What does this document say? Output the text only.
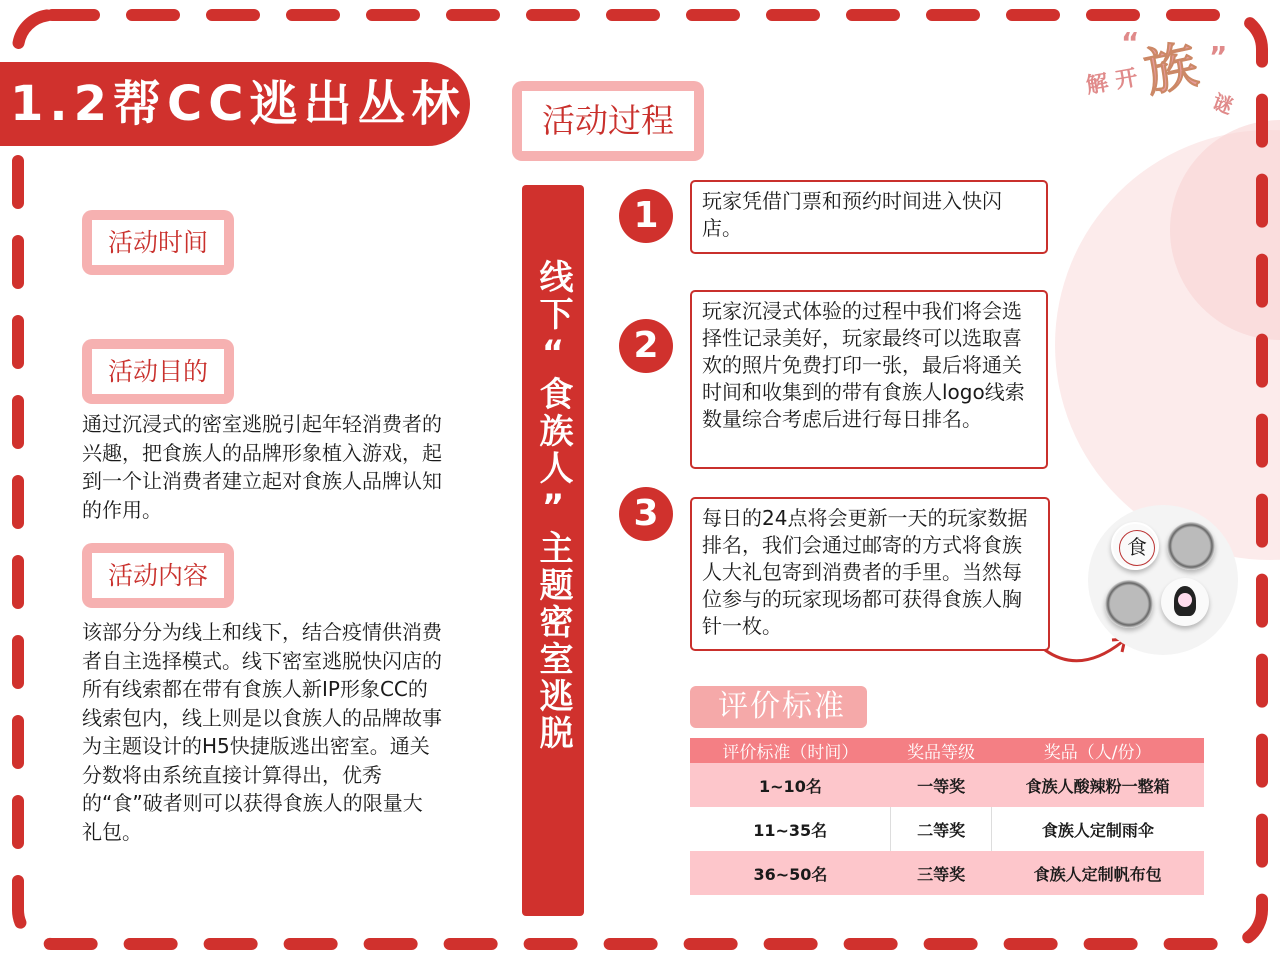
1.2帮CC逃出丛林	解 开 族 谜
“ ”
活动时间
活动目的
通过沉浸式的密室逃脱引起年轻消费者的兴趣，把食族人的品牌形象植入游戏，起到一个让消费者建立起对食族人品牌认知的作用。
活动内容
该部分分为线上和线下，结合疫情供消费者自主选择模式。线下密室逃脱快闪店的所有线索都在带有食族人新IP形象CC的线索包内，线上则是以食族人的品牌故事为主题设计的H5快捷版逃出密室。通关分数将由系统直接计算得出，优秀的“食”破者则可以获得食族人的限量大礼包。
活动过程
线下“食族人”主题密室逃脱
1	玩家凭借门票和预约时间进入快闪店。
2
玩家沉浸式体验的过程中我们将会选择性记录美好，玩家最终可以选取喜欢的照片免费打印一张，最后将通关时间和收集到的带有食族人logo线索数量综合考虑后进行每日排名。
3	每日的24点将会更新一天的玩家数据排名，我们会通过邮寄的方式将食族人大礼包寄到消费者的手里。当然每位参与的玩家现场都可获得食族人胸针一枚。
食
评价标准
评价标准（时间）	奖品等级	奖品（人/份）
1~10名	一等奖	食族人酸辣粉一整箱
11~35名	二等奖	食族人定制雨伞
36~50名	三等奖	食族人定制帆布包
